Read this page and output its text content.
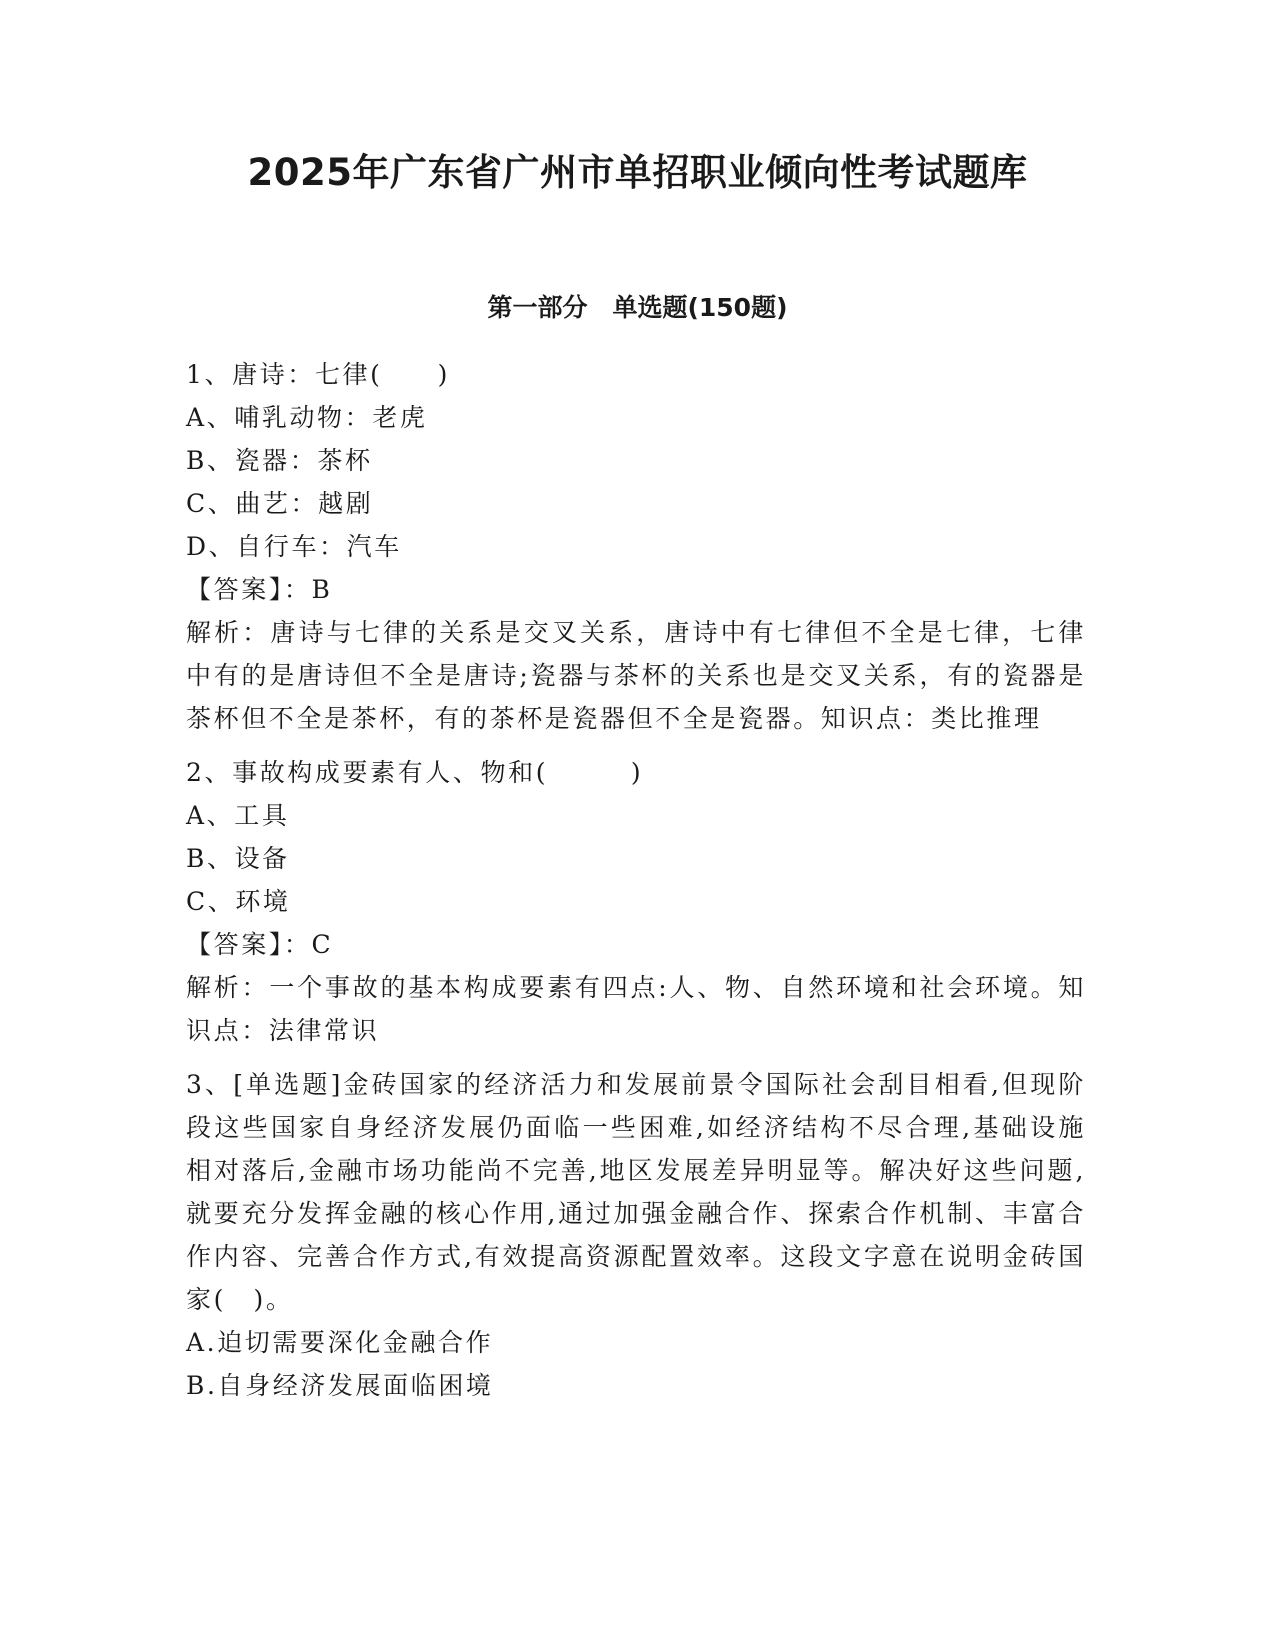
2025年广东省广州市单招职业倾向性考试题库
第一部分　单选题(150题)

1、唐诗：七律(　　)

A、哺乳动物：老虎

B、瓷器：茶杯

C、曲艺：越剧

D、自行车：汽车

【答案】：B

解析：唐诗与七律的关系是交叉关系，唐诗中有七律但不全是七律，七律中有的是唐诗但不全是唐诗;瓷器与茶杯的关系也是交叉关系，有的瓷器是茶杯但不全是茶杯，有的茶杯是瓷器但不全是瓷器。知识点：类比推理

2、事故构成要素有人、物和(　　　)

A、工具

B、设备

C、环境

【答案】：C

解析：一个事故的基本构成要素有四点:人、物、自然环境和社会环境。知识点：法律常识

3、[单选题]金砖国家的经济活力和发展前景令国际社会刮目相看,但现阶段这些国家自身经济发展仍面临一些困难,如经济结构不尽合理,基础设施相对落后,金融市场功能尚不完善,地区发展差异明显等。解决好这些问题,就要充分发挥金融的核心作用,通过加强金融合作、探索合作机制、丰富合作内容、完善合作方式,有效提高资源配置效率。这段文字意在说明金砖国家(　)。

A.迫切需要深化金融合作

B.自身经济发展面临困境
